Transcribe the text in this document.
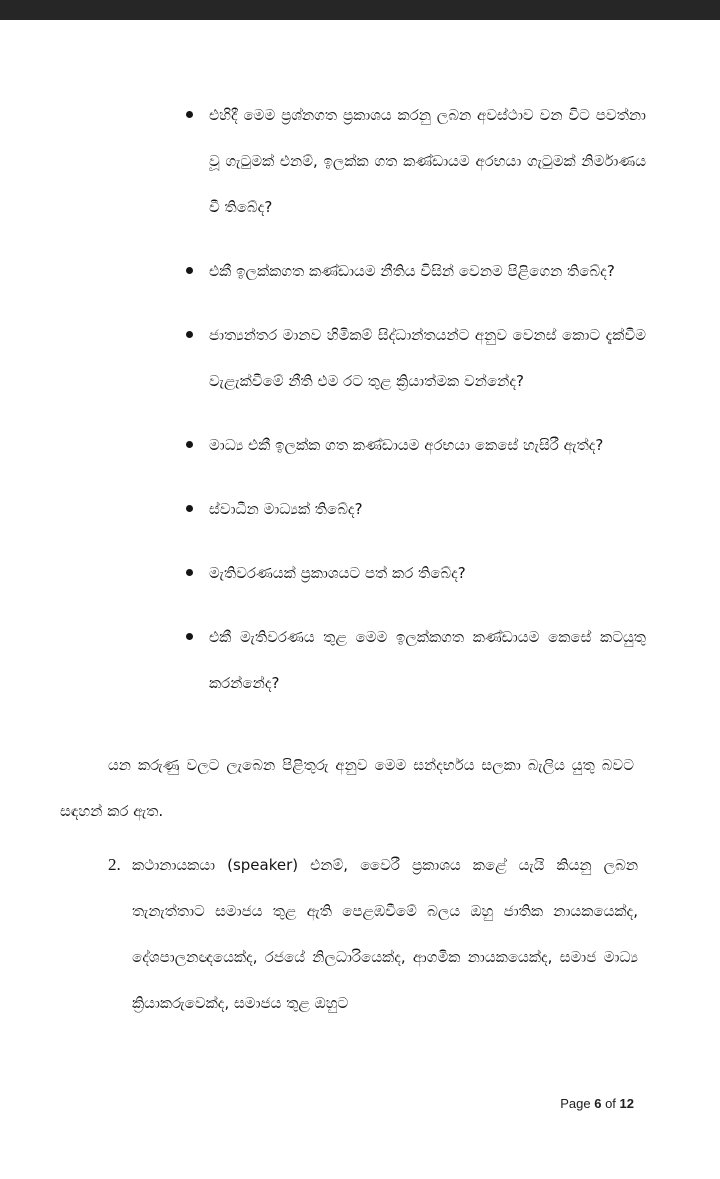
එහිදී මෙම ප්‍රශ්නගත ප්‍රකාශය කරනු ලබන අවස්ථාව වන විට පවත්නා වූ ගැටුමක් එනම්, ඉලක්ක ගත කණ්ඩායම අරභයා ගැටුමක් නිර්මාණය වී තිබේද?
එකී ඉලක්කගත කණ්ඩායම නීතිය විසින් වෙනම පිළිගෙන තිබේද?
ජාත්‍යන්තර මානව හිමිකම් සිද්ධාන්තයන්ට අනුව වෙනස් කොට දැක්වීම වැළැක්වීමේ නීති එම රට තුළ ක්‍රියාත්මක වන්නේද?
මාධ්‍ය එකී ඉලක්ක ගත කණ්ඩායම අරභයා කෙසේ හැසිරී ඇත්ද?
ස්වාධීන මාධ්‍යක් තිබේද?
මැතිවරණයක් ප්‍රකාශයට පත් කර තිබේද?
එකී මැතිවරණය තුළ මෙම ඉලක්කගත කණ්ඩායම කෙසේ කටයුතු කරන්නේද?

යන කරුණු වලට ලැබෙන පිළිතුරු අනුව මෙම සන්දර්භය සලකා බැලිය යුතු බවට සඳහන් කර ඇත.

2. කථානායකයා (speaker) එනම්, වෛරී ප්‍රකාශය කළේ යැයි කියනු ලබන තැනැත්තාට සමාජය තුළ ඇති පෙළඹවීමේ බලය ඔහු ජාතික නායකයෙක්ද, දේශපාලනඥයෙක්ද, රජයේ නිලධාරියෙක්ද, ආගමික නායකයෙක්ද, සමාජ මාධ්‍ය ක්‍රියාකරුවෙක්ද, සමාජය තුළ ඔහුට
Page 6 of 12
